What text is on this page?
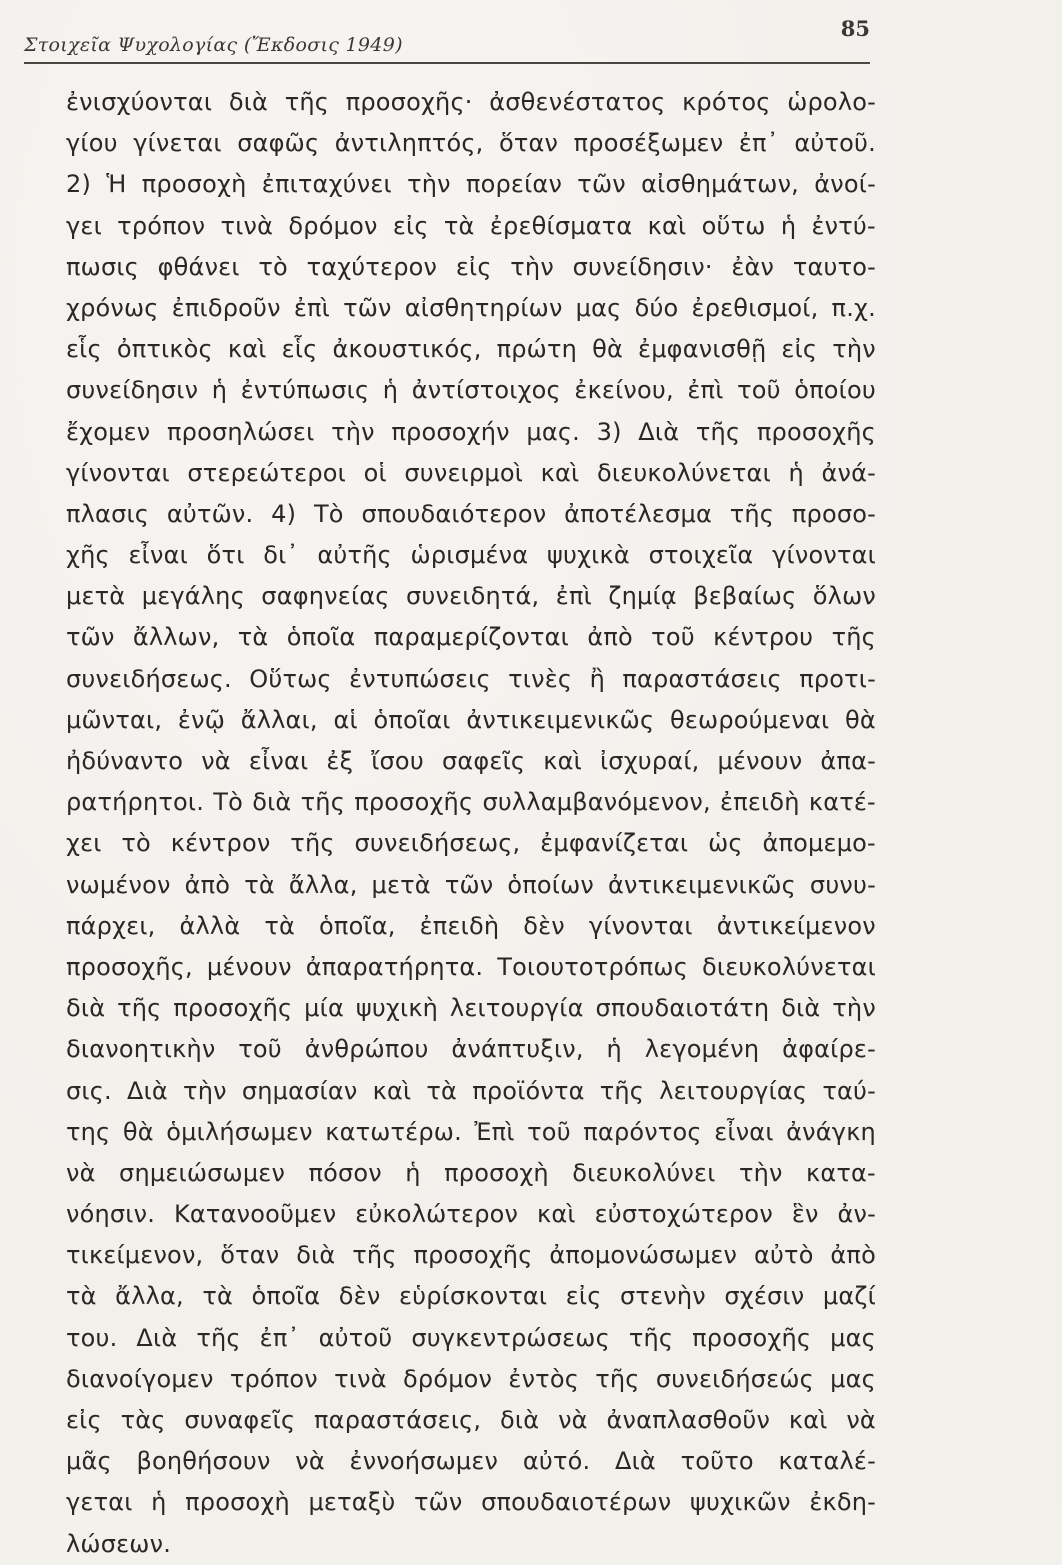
Στοιχεῖα Ψυχολογίας (Ἔκδοσις 1949)
85
ἐνισχύονται διὰ τῆς προσοχῆς· ἀσθενέστατος κρότος ὡρολο-
γίου γίνεται σαφῶς ἀντιληπτός, ὅταν προσέξωμεν ἐπ᾿ αὐτοῦ.
2) Ἡ προσοχὴ ἐπιταχύνει τὴν πορείαν τῶν αἰσθημάτων, ἀνοί-
γει τρόπον τινὰ δρόμον εἰς τὰ ἐρεθίσματα καὶ οὕτω ἡ ἐντύ-
πωσις φθάνει τὸ ταχύτερον εἰς τὴν συνείδησιν· ἐὰν ταυτο-
χρόνως ἐπιδροῦν ἐπὶ τῶν αἰσθητηρίων μας δύο ἐρεθισμοί, π.χ.
εἷς ὀπτικὸς καὶ εἷς ἀκουστικός, πρώτη θὰ ἐμφανισθῇ εἰς τὴν
συνείδησιν ἡ ἐντύπωσις ἡ ἀντίστοιχος ἐκείνου, ἐπὶ τοῦ ὁποίου
ἔχομεν προσηλώσει τὴν προσοχήν μας. 3) Διὰ τῆς προσοχῆς
γίνονται στερεώτεροι οἱ συνειρμοὶ καὶ διευκολύνεται ἡ ἀνά-
πλασις αὐτῶν. 4) Τὸ σπουδαιότερον ἀποτέλεσμα τῆς προσο-
χῆς εἶναι ὅτι δι᾿ αὐτῆς ὡρισμένα ψυχικὰ στοιχεῖα γίνονται
μετὰ μεγάλης σαφηνείας συνειδητά, ἐπὶ ζημίᾳ βεβαίως ὅλων
τῶν ἄλλων, τὰ ὁποῖα παραμερίζονται ἀπὸ τοῦ κέντρου τῆς
συνειδήσεως. Οὕτως ἐντυπώσεις τινὲς ἢ παραστάσεις προτι-
μῶνται, ἐνῷ ἄλλαι, αἱ ὁποῖαι ἀντικειμενικῶς θεωρούμεναι θὰ
ἠδύναντο νὰ εἶναι ἐξ ἴσου σαφεῖς καὶ ἰσχυραί, μένουν ἀπα-
ρατήρητοι. Τὸ διὰ τῆς προσοχῆς συλλαμβανόμενον, ἐπειδὴ κατέ-
χει τὸ κέντρον τῆς συνειδήσεως, ἐμφανίζεται ὡς ἀπομεμο-
νωμένον ἀπὸ τὰ ἄλλα, μετὰ τῶν ὁποίων ἀντικειμενικῶς συνυ-
πάρχει, ἀλλὰ τὰ ὁποῖα, ἐπειδὴ δὲν γίνονται ἀντικείμενον
προσοχῆς, μένουν ἀπαρατήρητα. Τοιουτοτρόπως διευκολύνεται
διὰ τῆς προσοχῆς μία ψυχικὴ λειτουργία σπουδαιοτάτη διὰ τὴν
διανοητικὴν τοῦ ἀνθρώπου ἀνάπτυξιν, ἡ λεγομένη ἀφαίρε-
σις. Διὰ τὴν σημασίαν καὶ τὰ προϊόντα τῆς λειτουργίας ταύ-
της θὰ ὁμιλήσωμεν κατωτέρω. Ἐπὶ τοῦ παρόντος εἶναι ἀνάγκη
νὰ σημειώσωμεν πόσον ἡ προσοχὴ διευκολύνει τὴν κατα-
νόησιν. Κατανοοῦμεν εὐκολώτερον καὶ εὐστοχώτερον ἓν ἀν-
τικείμενον, ὅταν διὰ τῆς προσοχῆς ἀπομονώσωμεν αὐτὸ ἀπὸ
τὰ ἄλλα, τὰ ὁποῖα δὲν εὑρίσκονται εἰς στενὴν σχέσιν μαζί
του. Διὰ τῆς ἐπ᾿ αὐτοῦ συγκεντρώσεως τῆς προσοχῆς μας
διανοίγομεν τρόπον τινὰ δρόμον ἐντὸς τῆς συνειδήσεώς μας
εἰς τὰς συναφεῖς παραστάσεις, διὰ νὰ ἀναπλασθοῦν καὶ νὰ
μᾶς βοηθήσουν νὰ ἐννοήσωμεν αὐτό. Διὰ τοῦτο καταλέ-
γεται ἡ προσοχὴ μεταξὺ τῶν σπουδαιοτέρων ψυχικῶν ἐκδη-
λώσεων.
